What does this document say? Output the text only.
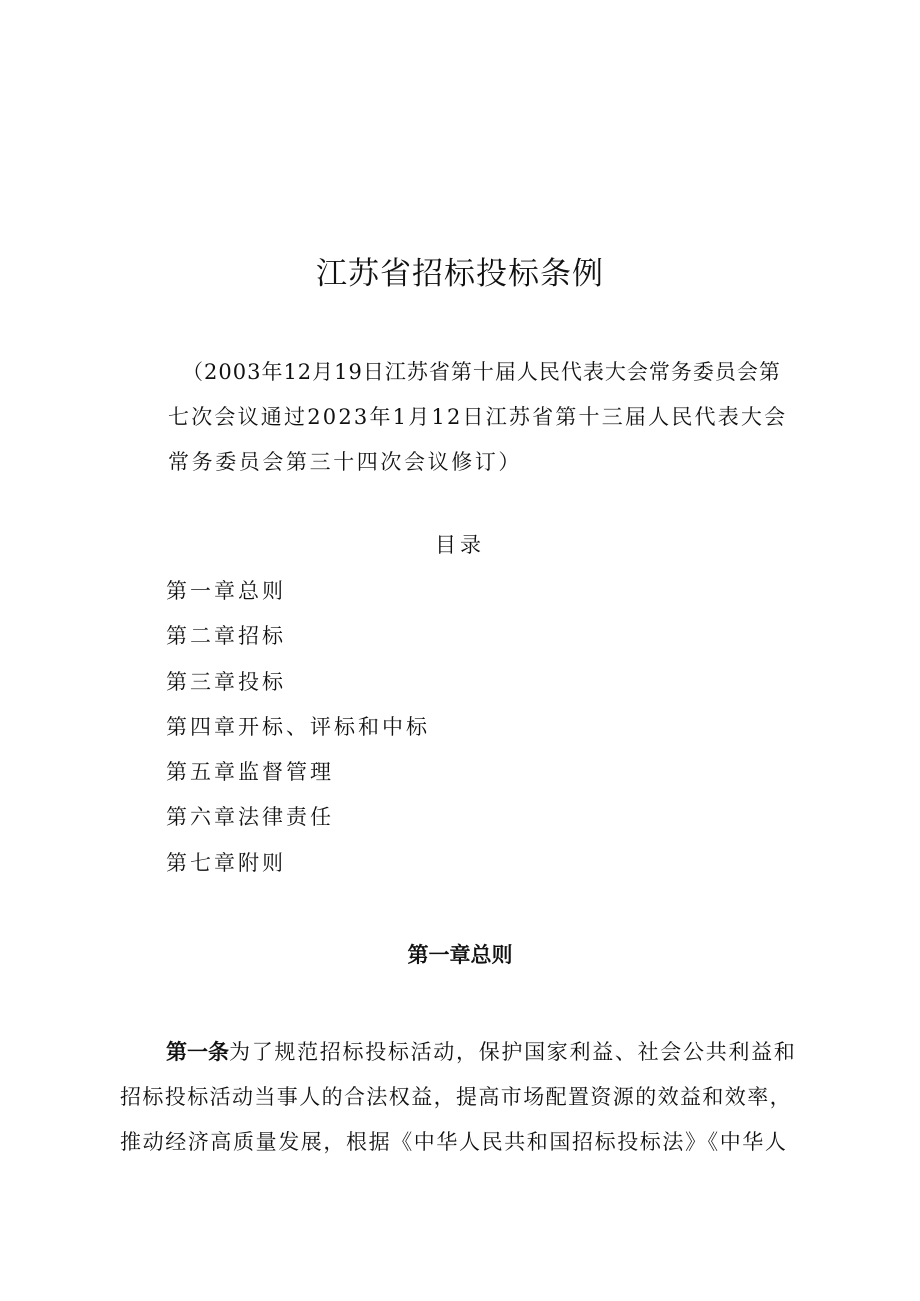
江苏省招标投标条例
（2003年12月19日江苏省第十届人民代表大会常务委员会第
七次会议通过2023年1月12日江苏省第十三届人民代表大会
常务委员会第三十四次会议修订）
目录
第一章总则
第二章招标
第三章投标
第四章开标、评标和中标
第五章监督管理
第六章法律责任
第七章附则
第一章总则
第一条为了规范招标投标活动，保护国家利益、社会公共利益和
招标投标活动当事人的合法权益，提高市场配置资源的效益和效率，
推动经济高质量发展，根据《中华人民共和国招标投标法》《中华人
